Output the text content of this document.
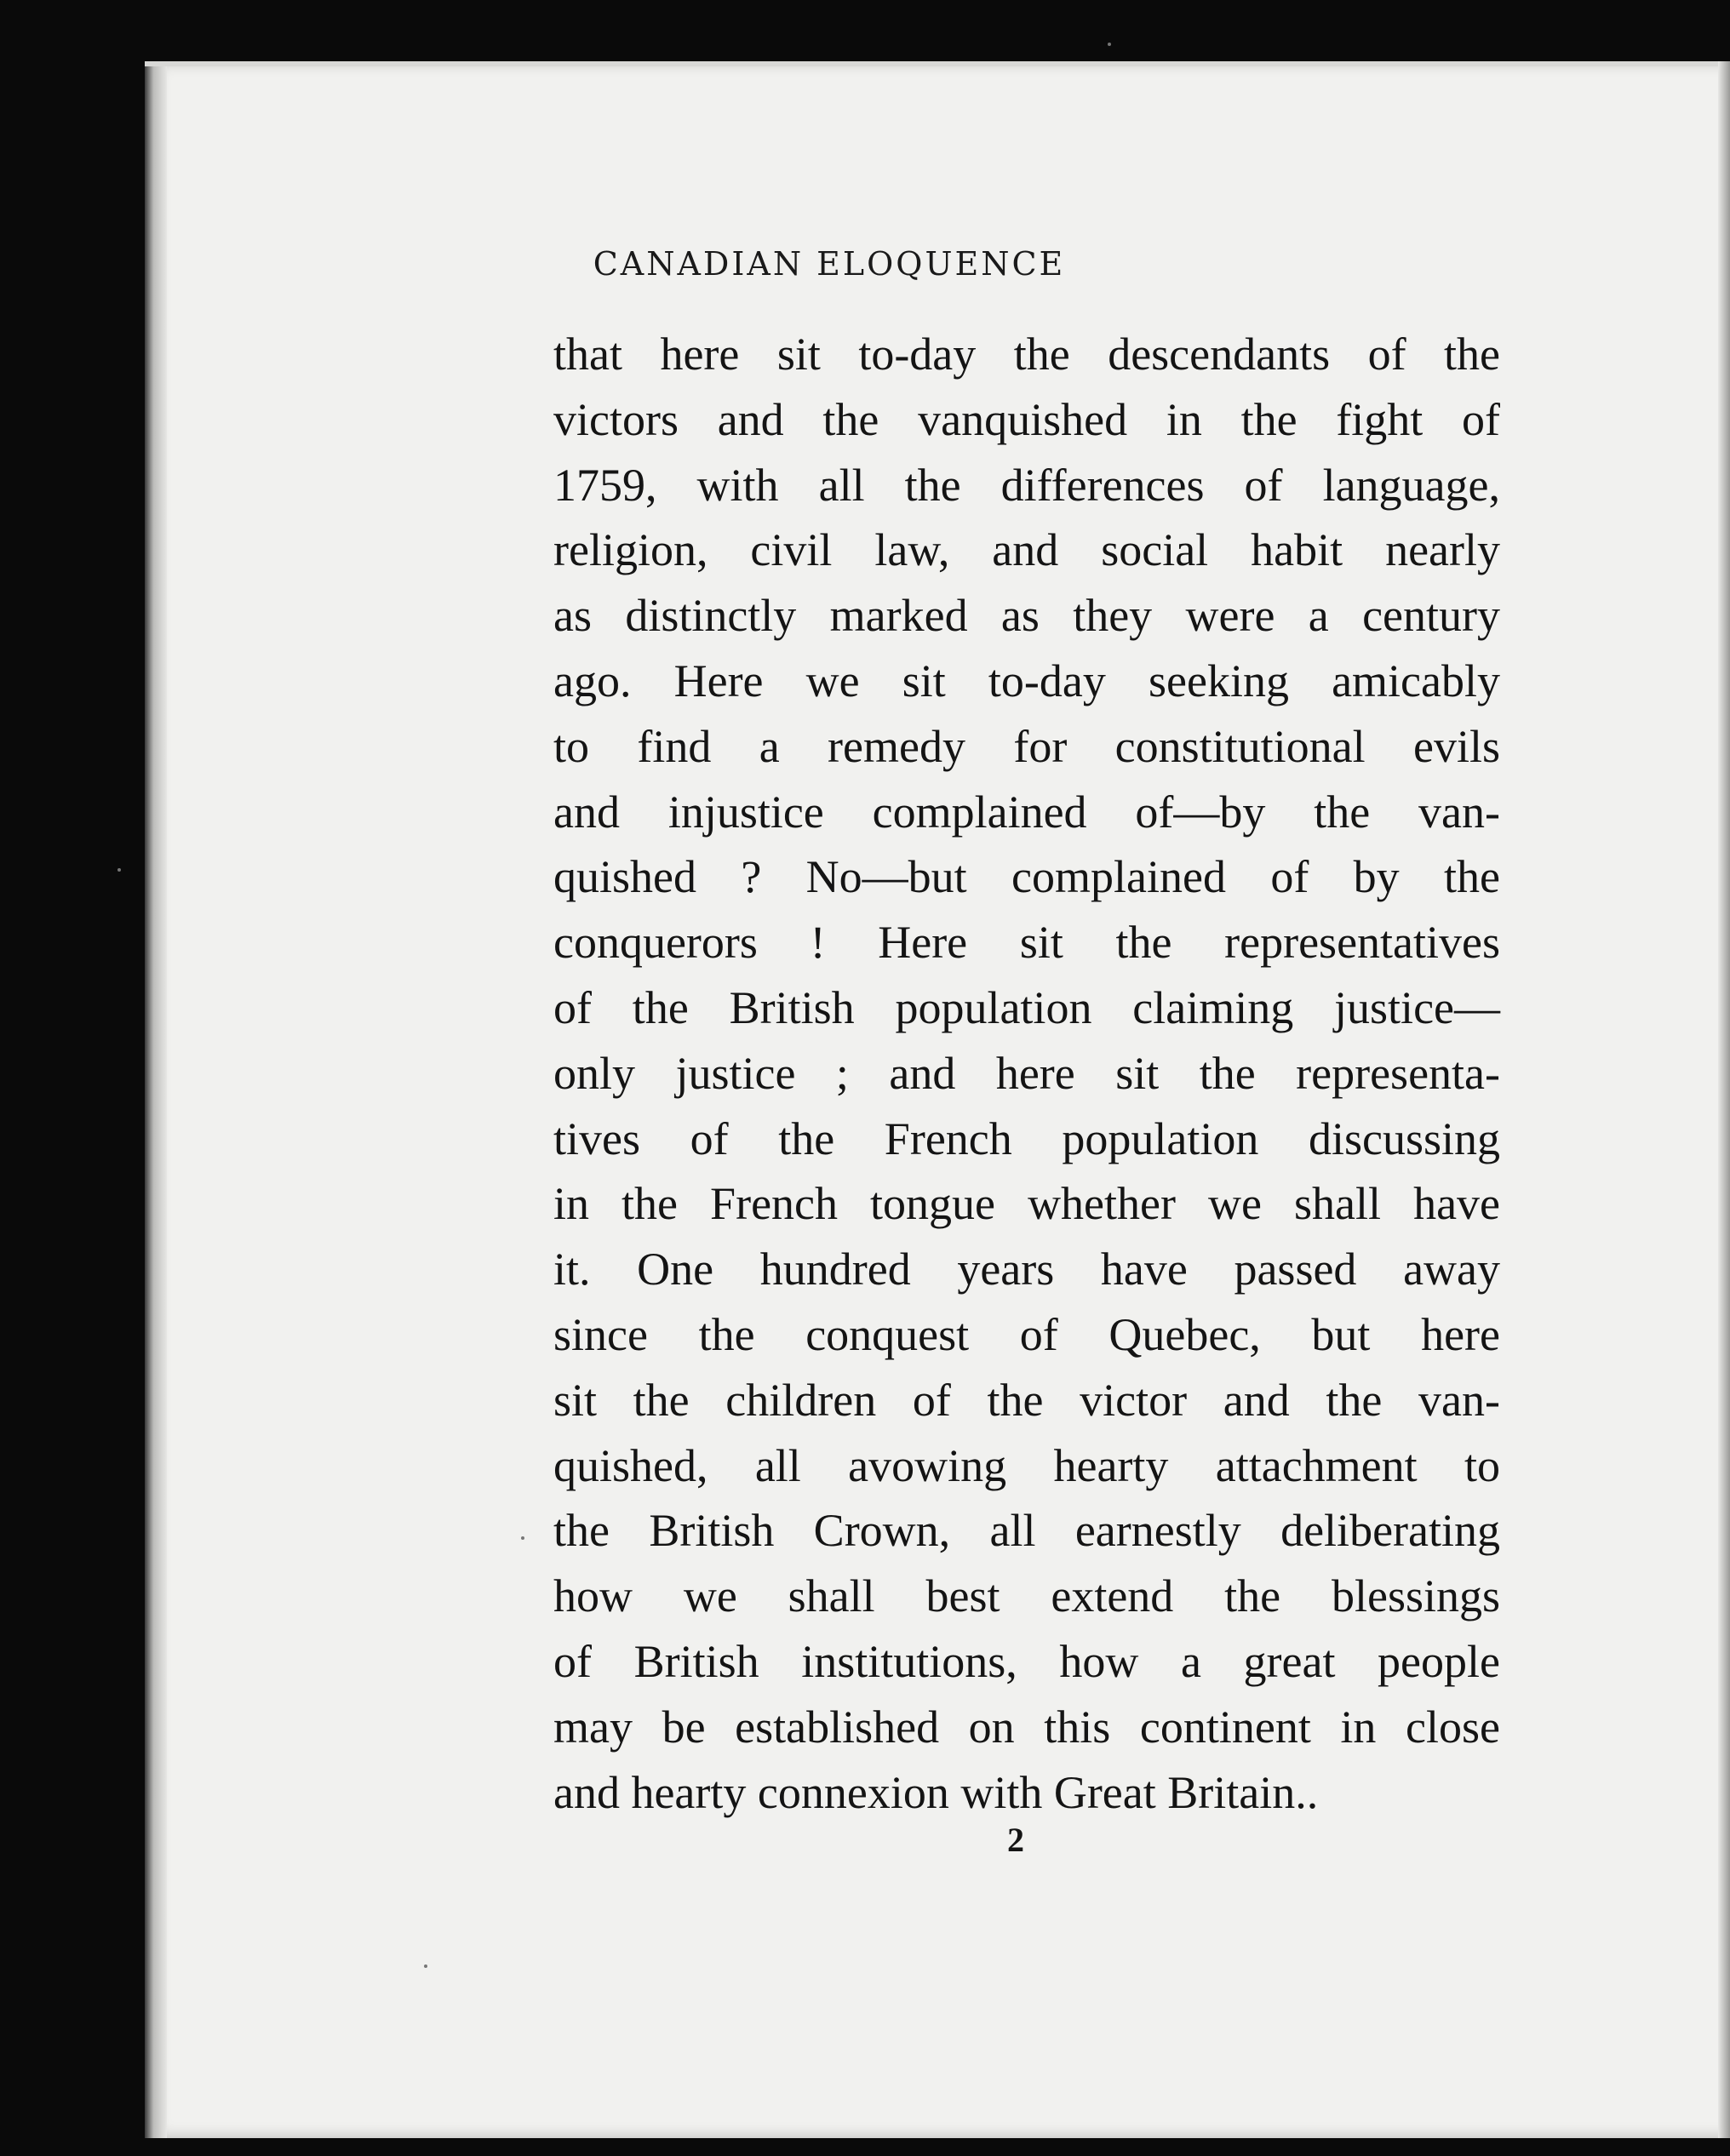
CANADIAN ELOQUENCE
that here sit to-day the descendants of the
victors and the vanquished in the fight of
1759, with all the differences of language,
religion, civil law, and social habit nearly
as distinctly marked as they were a century
ago. Here we sit to-day seeking amicably
to find a remedy for constitutional evils
and injustice complained of—by the van-
quished ? No—but complained of by the
conquerors ! Here sit the representatives
of the British population claiming justice—
only justice ; and here sit the representa-
tives of the French population discussing
in the French tongue whether we shall have
it. One hundred years have passed away
since the conquest of Quebec, but here
sit the children of the victor and the van-
quished, all avowing hearty attachment to
the British Crown, all earnestly deliberating
how we shall best extend the blessings
of British institutions, how a great people
may be established on this continent in close
and hearty connexion with Great Britain..
2
